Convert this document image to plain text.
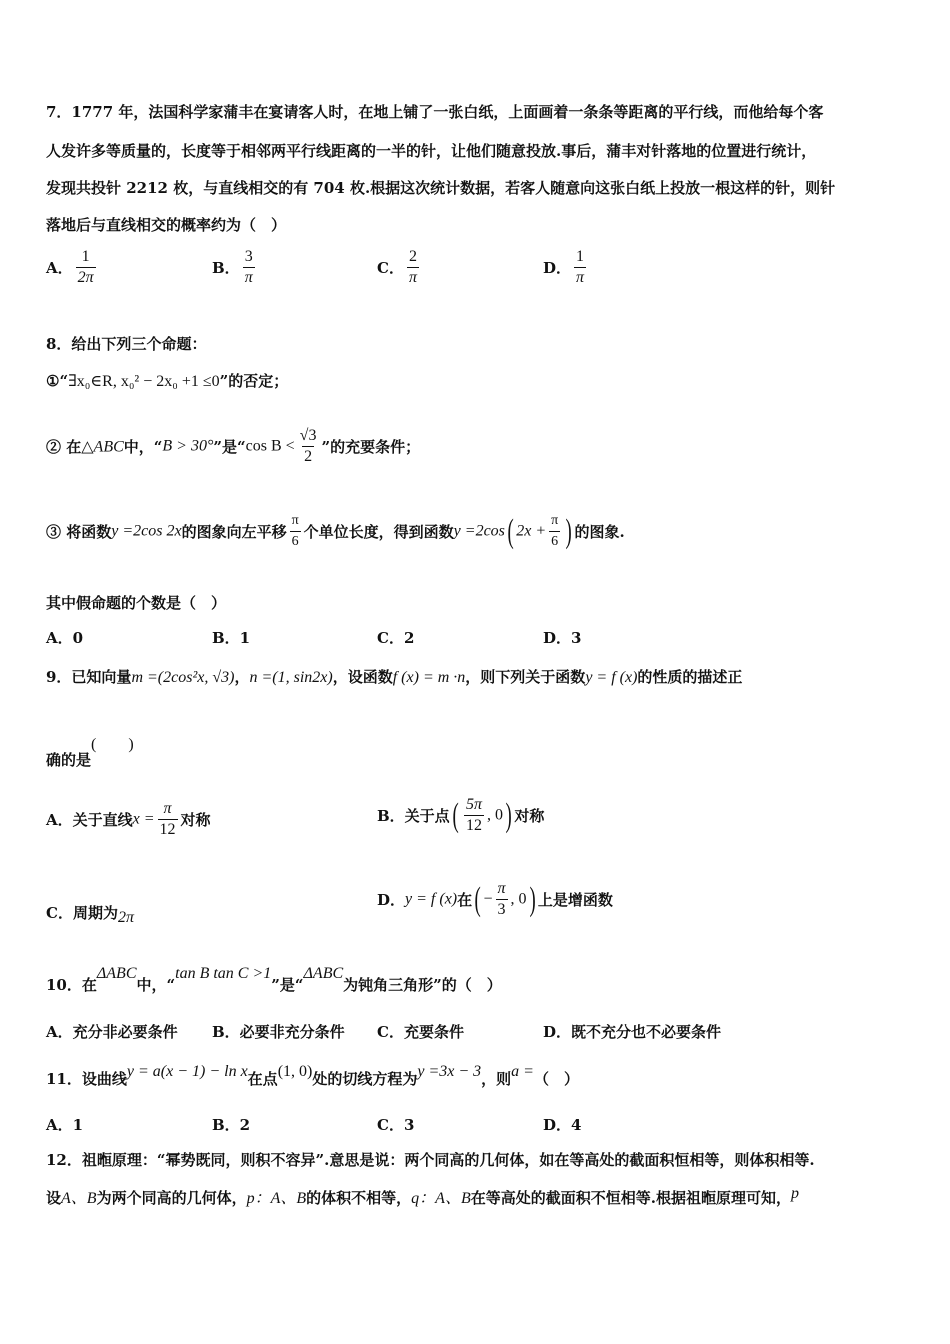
7．1777 年，法国科学家蒲丰在宴请客人时，在地上铺了一张白纸，上面画着一条条等距离的平行线，而他给每个客
人发许多等质量的，长度等于相邻两平行线距离的一半的针，让他们随意投放.事后，蒲丰对针落地的位置进行统计，
发现共投针 2212 枚，与直线相交的有 704 枚.根据这次统计数据，若客人随意向这张白纸上投放一根这样的针，则针
落地后与直线相交的概率约为（　）
A． $\frac{1}{2\pi}$	B． $\frac{3}{\pi}$	C． $\frac{2}{\pi}$	D． $\frac{1}{\pi}$
8．给出下列三个命题：
①“∃x₀∈R, x₀² − 2x₀ +1 ≤0”的否定；
② 在△ABC中，“B > 30°”是“cos $B < \frac{√3}{2}$ ”的充要条件；
③ 将函数y =2cos 2x的图象向左平移 $\frac{\pi}{6}$ 个单位长度，得到函数y =2cos( $2x + \frac{\pi}{6}$ ) 的图象.
其中假命题的个数是（　）
A．0	B．1	C．2	D．3
9．已知向量m =(2cos²x, √3)，n =(1, sin2x)，设函数f (x) = m ·n，则下列关于函数y = f (x)的性质的描述正
确的是(　　)
A．关于直线$x = \frac{\pi}{12}$ 对称	B．关于点( $\frac{5\pi}{12}$ , 0) 对称
C．周期为2π
D．y = f (x)在( − $\frac{\pi}{3}$ , 0) 上是增函数
10．在ΔABC中，“tan B tan C >1”是“ΔABC为钝角三角形”的（　）
A．充分非必要条件 B．必要非充分条件 C．充要条件	D．既不充分也不必要条件
11．设曲线y = a(x − 1) − ln x在点(1, 0)处的切线方程为y =3x − 3，则a =（　）
A．1	B．2	C．3	D．4
12．祖暅原理：“幂势既同，则积不容异”.意思是说：两个同高的几何体，如在等高处的截面积恒相等，则体积相等.
设A、B为两个同高的几何体，p：A、B的体积不相等，q：A、B在等高处的截面积不恒相等.根据祖暅原理可知，p
